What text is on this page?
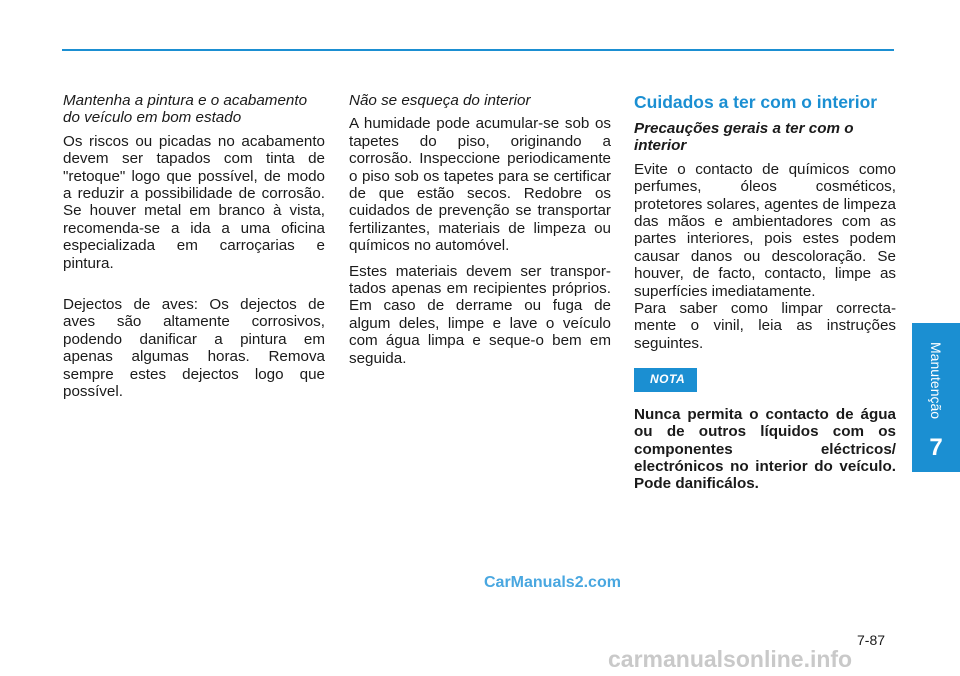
Mantenha a pintura e o acabamento do veículo em bom estado

Os riscos ou picadas no acabamento devem ser tapados com tinta de "retoque" logo que possível, de modo a reduzir a possibilidade de corrosão. Se houver metal em branco à vista, recomenda-se a ida a uma oficina especializada em carroçarias e pintura.

Dejectos de aves: Os dejectos de aves são altamente corrosivos, podendo danificar a pintura em apenas algumas horas. Remova sempre estes dejectos logo que possível.

Não se esqueça do interior

A humidade pode acumular-se sob os tapetes do piso, originando a corrosão. Inspeccione periodicamente o piso sob os tapetes para se certificar de que estão secos. Redobre os cuidados de prevenção se transportar fertilizantes, materiais de limpeza ou químicos no automóvel.

Estes materiais devem ser transpor-tados apenas em recipientes próprios. Em caso de derrame ou fuga de algum deles, limpe e lave o veículo com água limpa e seque-o bem em seguida.

Cuidados a ter com o interior
Precauções gerais a ter com o interior

Evite o contacto de químicos como perfumes, óleos cosméticos, protetores solares, agentes de limpeza das mãos e ambientadores com as partes interiores, pois estes podem causar danos ou descoloração. Se houver, de facto, contacto, limpe as superfícies imediatamente.

Para saber como limpar correcta-mente o vinil, leia as instruções seguintes.

NOTA

Nunca permita o contacto de água ou de outros líquidos com os componentes eléctricos/ electrónicos no interior do veículo. Pode danificálos.

Manutenção
7
CarManuals2.com
7-87
carmanualsonline.info
